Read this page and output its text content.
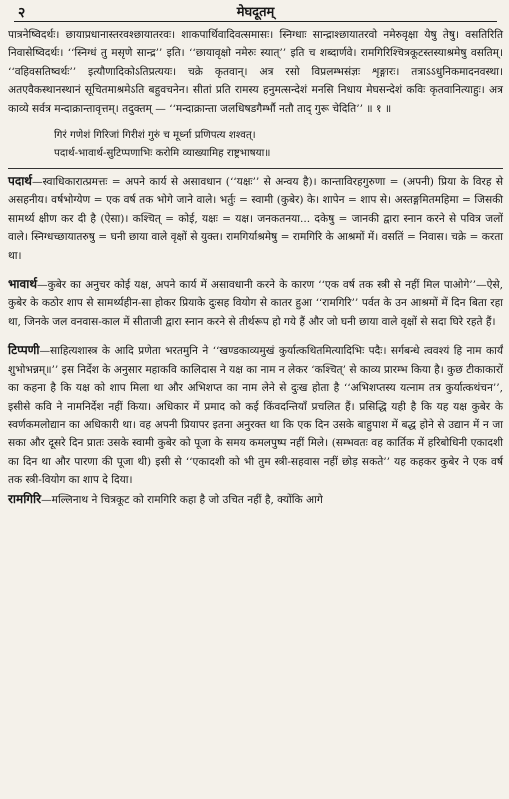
२	मेघदूतम्

पात्रनेष्विदर्थः। छायाप्रधानास्तरवश्छायातरवः। शाकपार्थिवादिवत्समासः। स्निग्धाः सान्द्राश्छायातरवो नमेरुवृक्षा येषु तेषु। वसतिरिति निवासेष्विदर्थः। ‘‘स्निग्धं तु मसृणे सान्द्र’’ इति। ‘‘छायावृक्षो नमेरुः स्यात्’’ इति च शब्दार्णवे। रामगिरिश्चित्रकूटस्तस्याश्रमेषु वसतिम्। ‘‘वहिवसतिष्वर्थः’’ इत्यौणादिकोऽतिप्रत्ययः। चक्रे कृतवान्। अत्र रसो विप्रलम्भसंज्ञः शृङ्गारः। तत्राऽऽधुनिकमादनवस्था। अतएवैकस्थानस्थानं सूचितमाश्रमेऽति बहुवचनेन। सीतां प्रति रामस्य हनुमत्सन्देशं मनसि निधाय मेघसन्देशं कविः कृतवानित्याहुः। अत्र काव्ये सर्वत्र मन्दाक्रान्तावृत्तम्। तदुक्तम् — ‘‘मन्दाक्रान्ता जलधिषडगैर्म्भौ नतौ ताद् गुरू चेदिति’’ ॥ १ ॥

गिरं गणेशं गिरिजां गिरीशं गुरुं च मूर्ध्ना प्रणिपत्य शश्वत्।
पदार्थ-भावार्थ-सुटिप्पणाभिः करोमि व्याख्यामिह राष्ट्रभाषया॥

पदार्थ—स्वाधिकारात्प्रमत्तः = अपने कार्य से असावधान (‘‘यक्षः’’ से अन्वय है)। कान्ताविरहगुरुणा = (अपनी) प्रिया के विरह से असहनीय। वर्षभोग्येण = एक वर्ष तक भोगे जाने वाले। भर्तुः = स्वामी (कुबेर) के। शापेन = शाप से। अस्तङ्गमितमहिमा = जिसकी सामर्थ्य क्षीण कर दी है (ऐसा)। कश्चित् = कोई, यक्षः = यक्ष। जनकतनया... दकेषु = जानकी द्वारा स्नान करने से पवित्र जलों वाले। स्निग्धच्छायातरुषु = घनी छाया वाले वृक्षों से युक्त। रामगिर्याश्रमेषु = रामगिरि के आश्रमों में। वसतिं = निवास। चक्रे = करता था।

भावार्थ—कुबेर का अनुचर कोई यक्ष, अपने कार्य में असावधानी करने के कारण ‘‘एक वर्ष तक स्त्री से नहीं मिल पाओगे’’—ऐसे, कुबेर के कठोर शाप से सामर्थ्यहीन-सा होकर प्रियाके दुःसह वियोग से कातर हुआ ‘‘रामगिरि’’ पर्वत के उन आश्रमों में दिन बिता रहा था, जिनके जल वनवास-काल में सीताजी द्वारा स्नान करने से तीर्थरूप हो गये हैं और जो घनी छाया वाले वृक्षों से सदा घिरे रहते हैं।

टिप्पणी—साहित्यशास्त्र के आदि प्रणेता भरतमुनि ने ‘‘खण्डकाव्यमुखं कुर्यात्कथितमित्यादिभिः पदैः। सर्गबन्धे त्ववश्यं हि नाम कार्यं शुभोभन्नम्॥’’ इस निर्देश के अनुसार महाकवि कालिदास ने यक्ष का नाम न लेकर ‘कश्चित्’ से काव्य प्रारम्भ किया है। कुछ टीकाकारों का कहना है कि यक्ष को शाप मिला था और अभिशप्त का नाम लेने से दुःख होता है ‘‘अभिशप्तस्य यत्नाम तत्र कुर्यात्कथंचन’’, इसीसे कवि ने नामनिर्देश नहीं किया। अधिकार में प्रमाद को कई किंवदन्तियाँ प्रचलित हैं। प्रसिद्धि यही है कि यह यक्ष कुबेर के स्वर्णकमलोद्यान का अधिकारी था। वह अपनी प्रियापर इतना अनुरक्त था कि एक दिन उसके बाहुपाश में बद्ध होने से उद्यान में न जा सका और दूसरे दिन प्रातः उसके स्वामी कुबेर को पूजा के समय कमलपुष्प नहीं मिले। (सम्भवतः वह कार्तिक में हरिबोधिनी एकादशी का दिन था और पारणा की पूजा थी) इसी से ‘‘एकादशी को भी तुम स्त्री-सहवास नहीं छोड़ सकते’’ यह कहकर कुबेर ने एक वर्ष तक स्त्री-वियोग का शाप दे दिया।

रामगिरि—मल्लिनाथ ने चित्रकूट को रामगिरि कहा है जो उचित नहीं है, क्योंकि आगे
